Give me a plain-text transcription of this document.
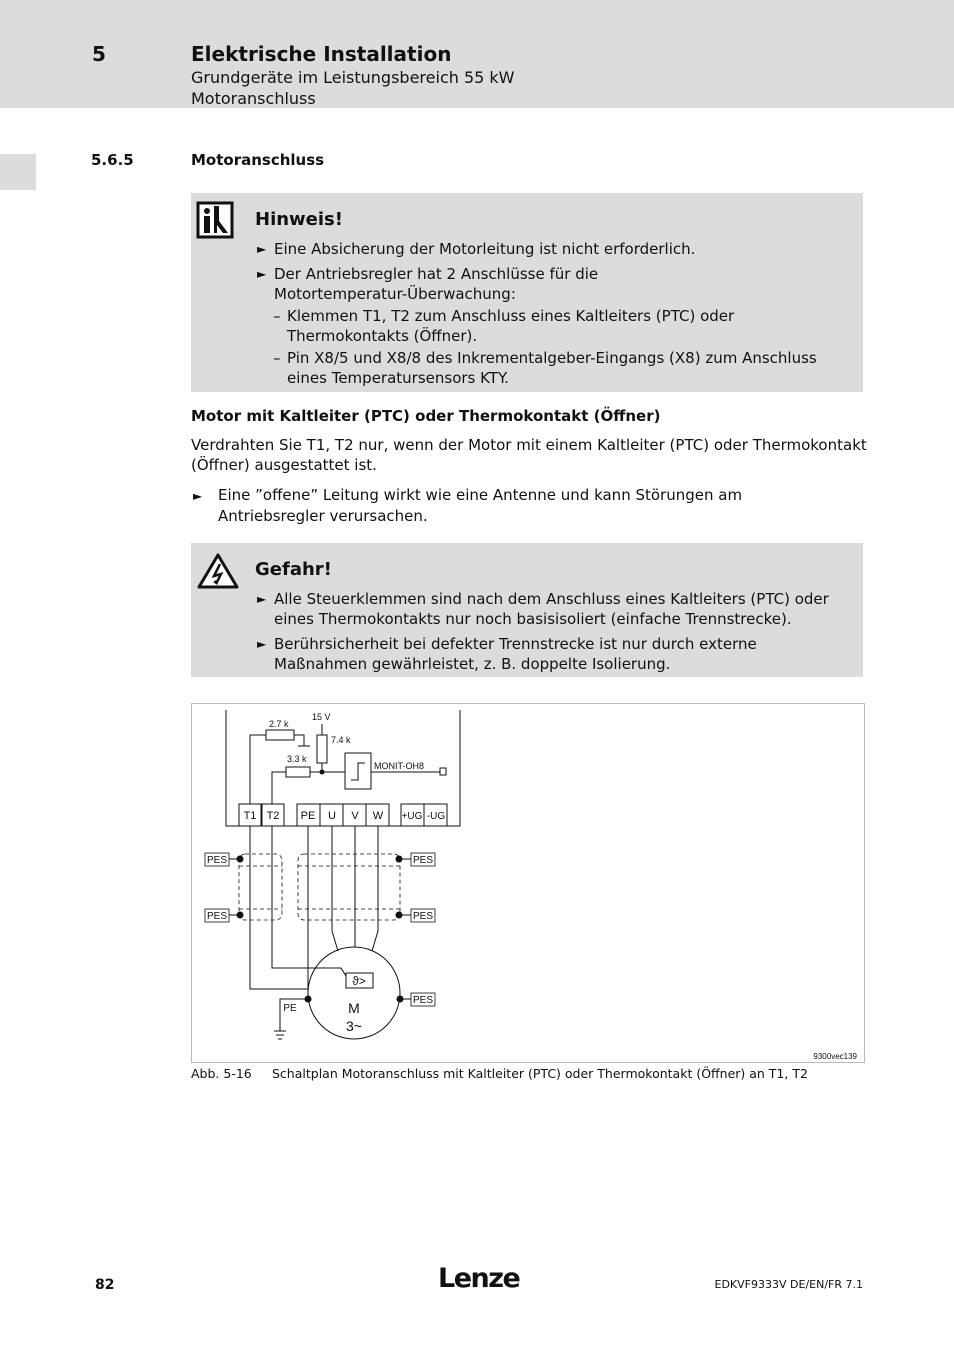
5	Elektrische Installation
Grundgeräte im Leistungsbereich 55 kW
Motoranschluss
5.6.5	Motoranschluss
Hinweis!
► Eine Absicherung der Motorleitung ist nicht erforderlich.
► Der Antriebsregler hat 2 Anschlüsse für die Motortemperatur-Überwachung:
– Klemmen T1, T2 zum Anschluss eines Kaltleiters (PTC) oder Thermokontakts (Öffner).
– Pin X8/5 und X8/8 des Inkrementalgeber-Eingangs (X8) zum Anschluss eines Temperatursensors KTY.
Motor mit Kaltleiter (PTC) oder Thermokontakt (Öffner)
Verdrahten Sie T1, T2 nur, wenn der Motor mit einem Kaltleiter (PTC) oder Thermokontakt (Öffner) ausgestattet ist.
► Eine ”offene” Leitung wirkt wie eine Antenne und kann Störungen am Antriebsregler verursachen.
Gefahr!
► Alle Steuerklemmen sind nach dem Anschluss eines Kaltleiters (PTC) oder eines Thermokontakts nur noch basisisoliert (einfache Trennstrecke).
► Berührsicherheit bei defekter Trennstrecke ist nur durch externe Maßnahmen gewährleistet, z. B. doppelte Isolierung.
2.7 k
15 V
7.4 k
3.3 k
MONIT-OH8
T1 T2 PE U V W +UG -UG
PES
PES
PES
PES
PES
PE
ϑ>
M
3~
9300vec139
Abb. 5-16 Schaltplan Motoranschluss mit Kaltleiter (PTC) oder Thermokontakt (Öffner) an T1, T2
82	Lenze	EDKVF9333V DE/EN/FR 7.1
